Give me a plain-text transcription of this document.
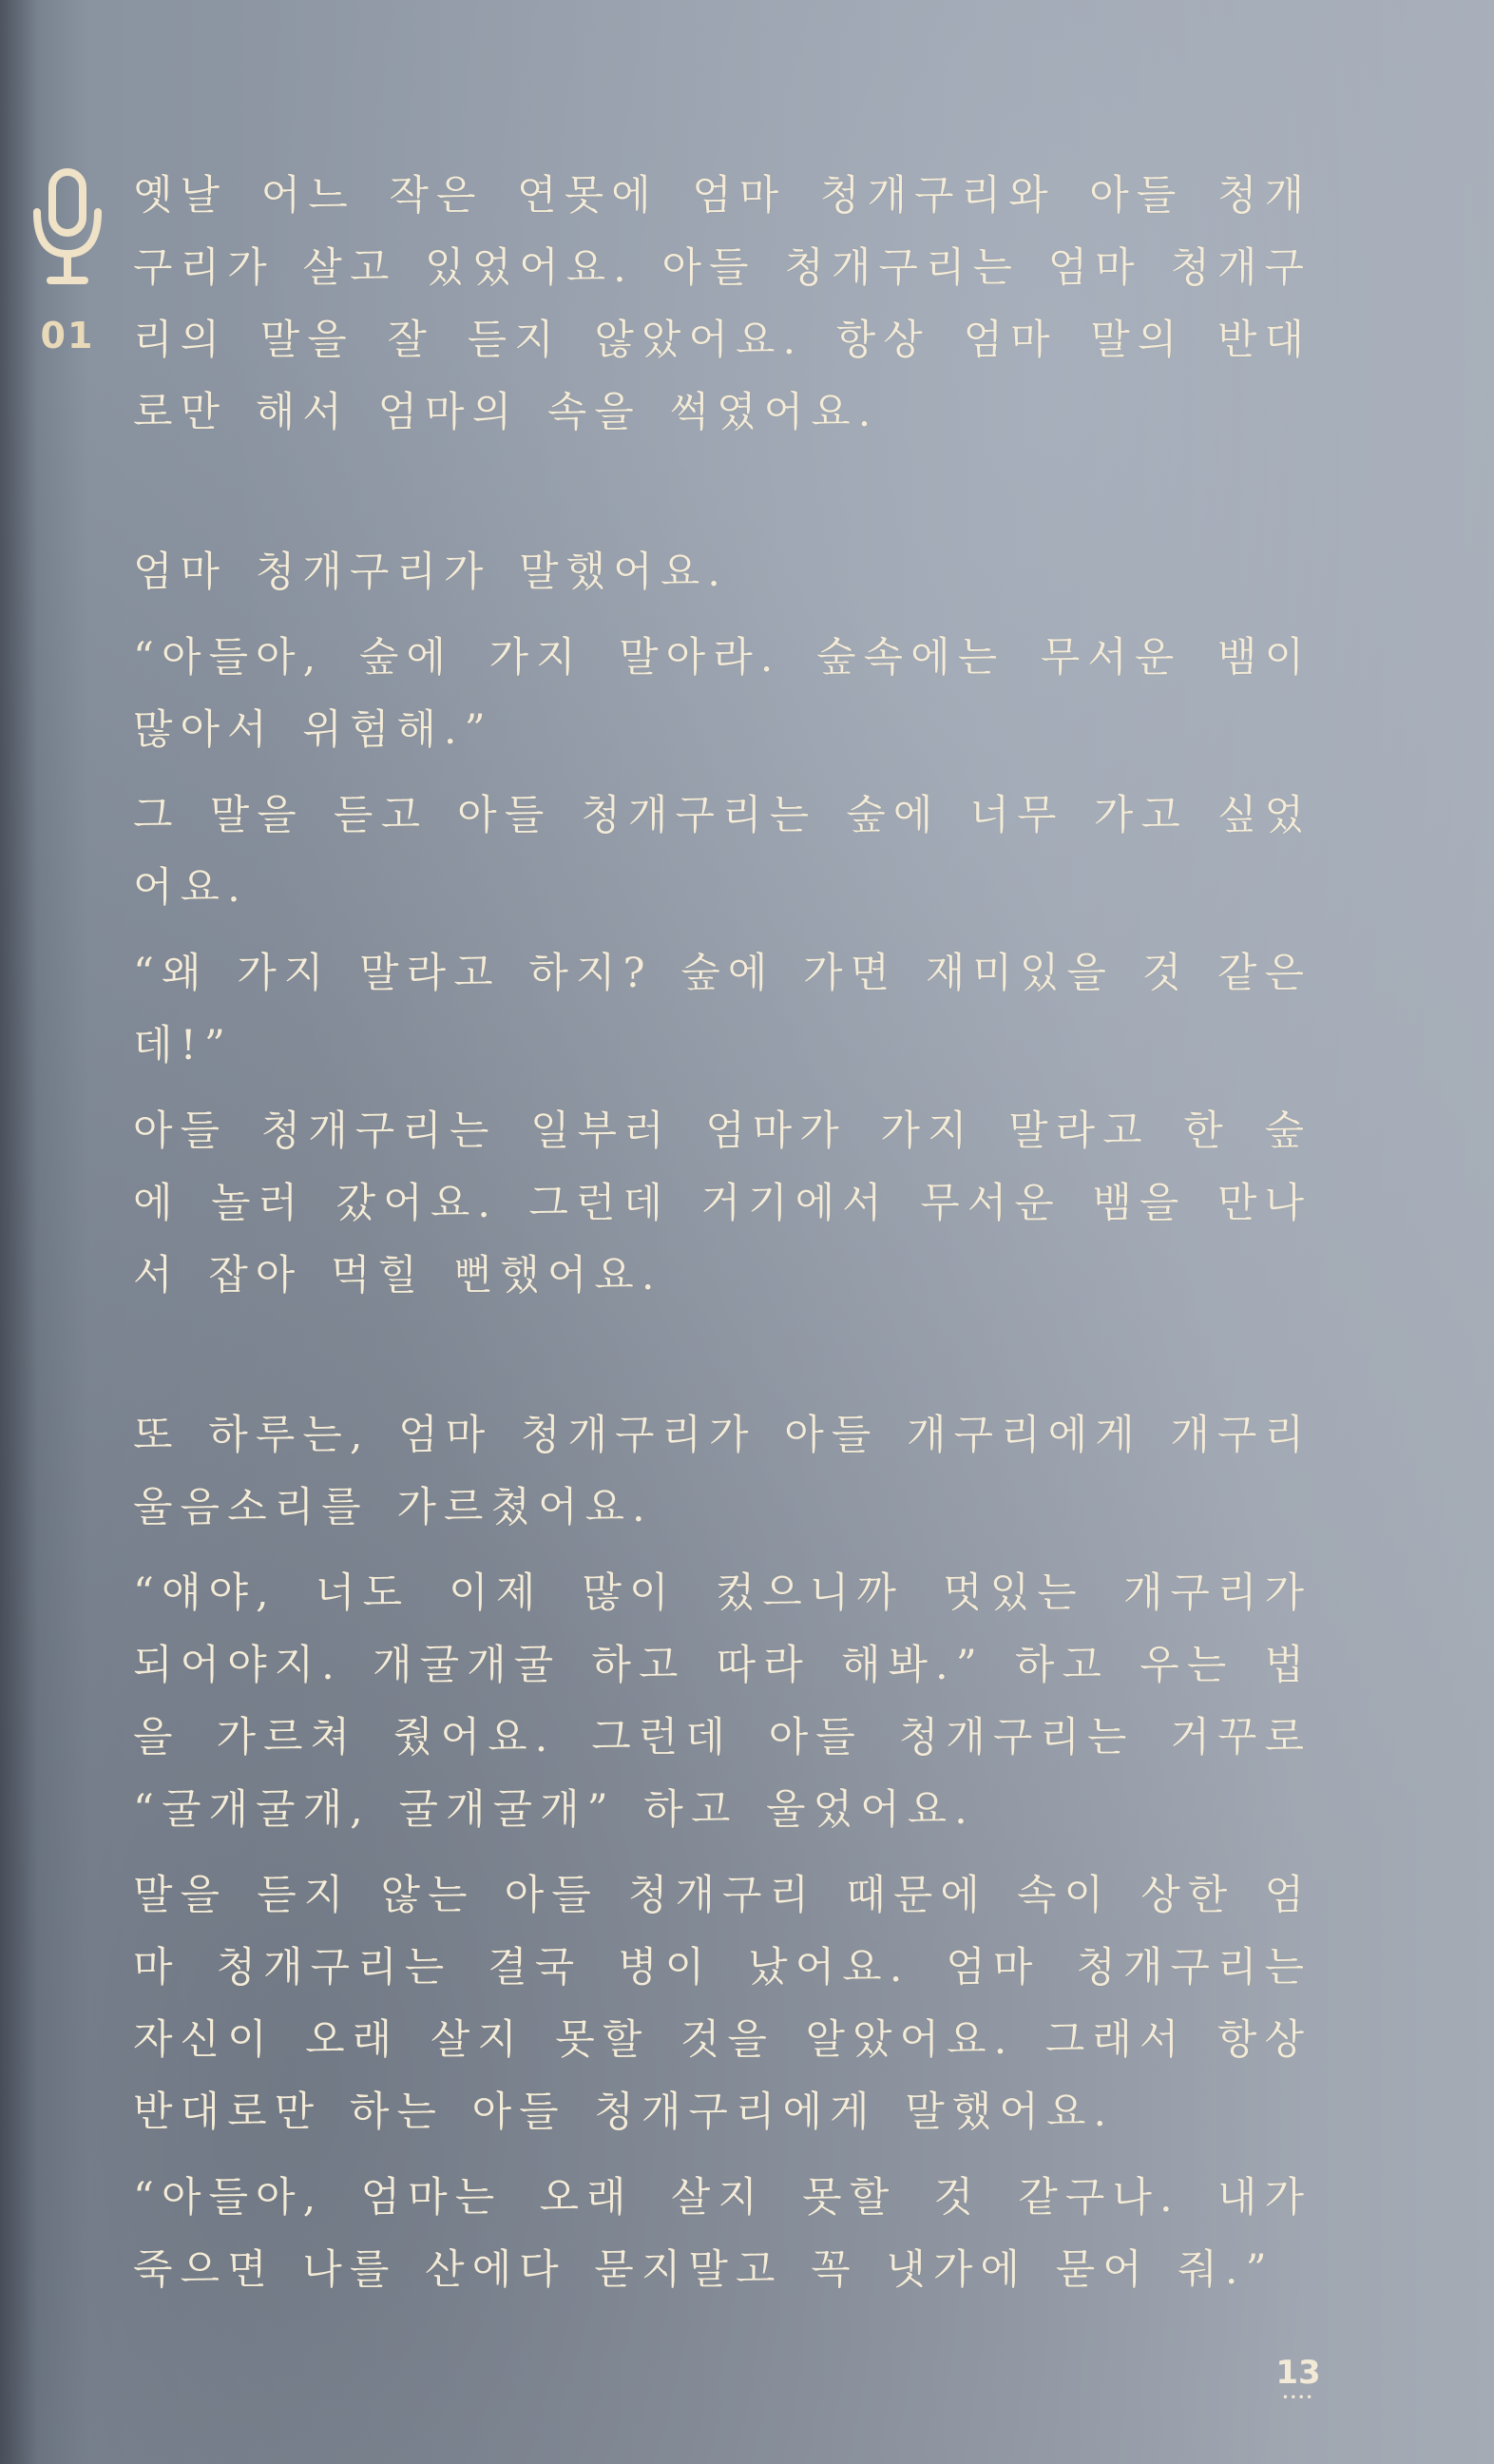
01

옛날 어느 작은 연못에 엄마 청개구리와 아들 청개구리가 살고 있었어요. 아들 청개구리는 엄마 청개구리의 말을 잘 듣지 않았어요. 항상 엄마 말의 반대로만 해서 엄마의 속을 썩였어요.

엄마 청개구리가 말했어요.

“아들아, 숲에 가지 말아라. 숲속에는 무서운 뱀이 많아서 위험해.”

그 말을 듣고 아들 청개구리는 숲에 너무 가고 싶었어요.

“왜 가지 말라고 하지? 숲에 가면 재미있을 것 같은데!”

아들 청개구리는 일부러 엄마가 가지 말라고 한 숲에 놀러 갔어요. 그런데 거기에서 무서운 뱀을 만나서 잡아 먹힐 뻔했어요.

또 하루는, 엄마 청개구리가 아들 개구리에게 개구리 울음소리를 가르쳤어요.

“얘야, 너도 이제 많이 컸으니까 멋있는 개구리가 되어야지. 개굴개굴 하고 따라 해봐.” 하고 우는 법을 가르쳐 줬어요. 그런데 아들 청개구리는 거꾸로 “굴개굴개, 굴개굴개” 하고 울었어요.

말을 듣지 않는 아들 청개구리 때문에 속이 상한 엄마 청개구리는 결국 병이 났어요. 엄마 청개구리는 자신이 오래 살지 못할 것을 알았어요. 그래서 항상 반대로만 하는 아들 청개구리에게 말했어요.

“아들아, 엄마는 오래 살지 못할 것 같구나. 내가 죽으면 나를 산에다 묻지말고 꼭 냇가에 묻어 줘.”

13
••••
